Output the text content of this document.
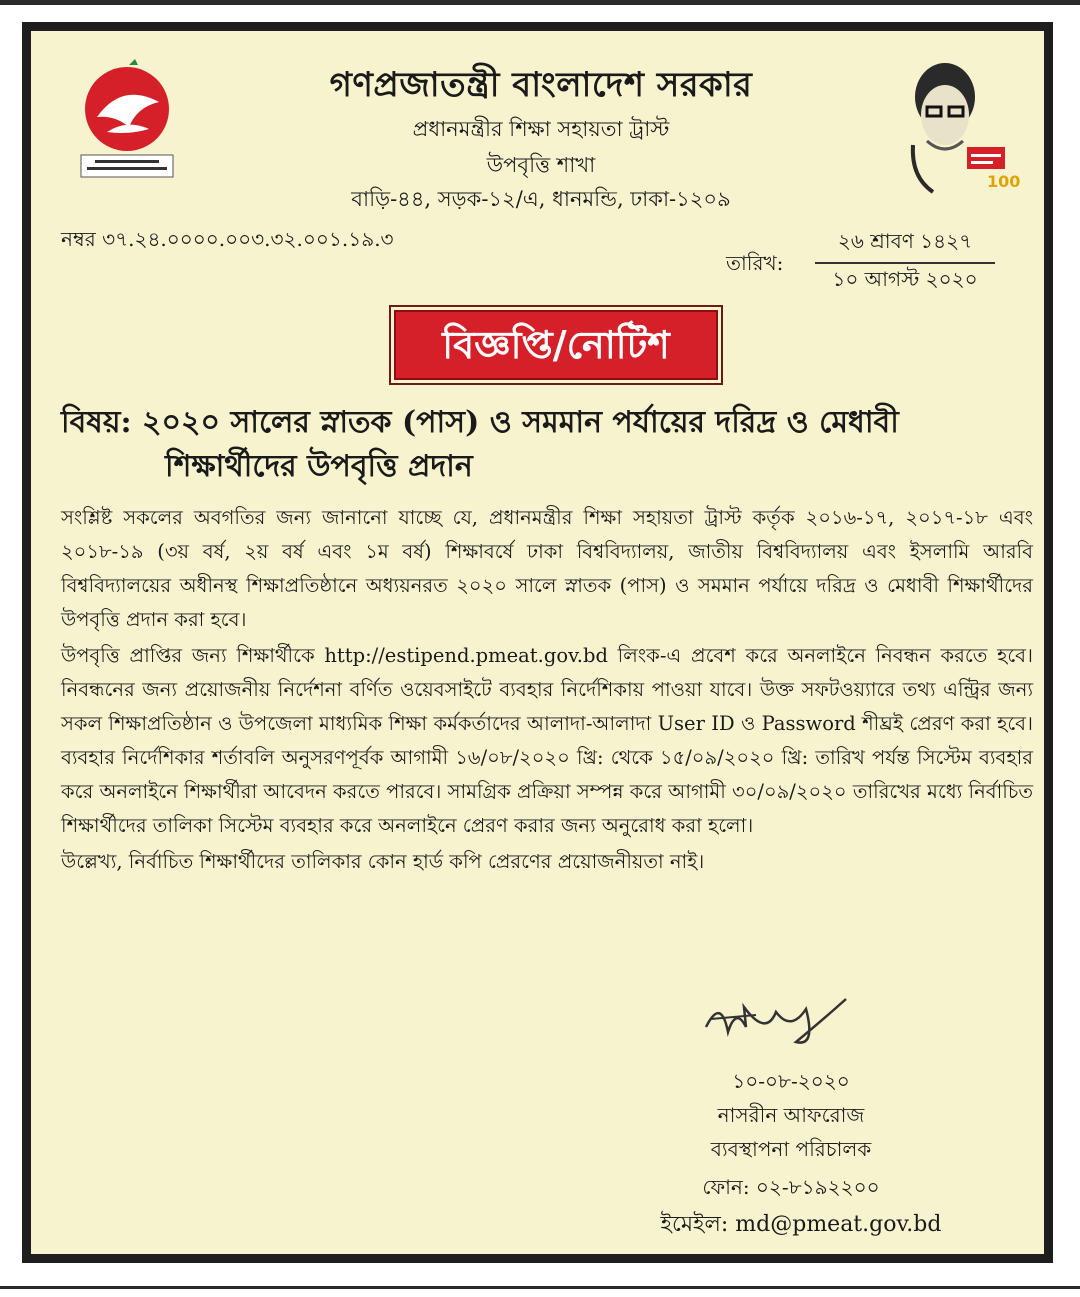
গণপ্রজাতন্ত্রী বাংলাদেশ সরকার
প্রধানমন্ত্রীর শিক্ষা সহায়তা ট্রাস্ট
উপবৃত্তি শাখা
বাড়ি-৪৪, সড়ক-১২/এ, ধানমন্ডি, ঢাকা-১২০৯
100
নম্বর ৩৭.২৪.০০০০.০০৩.৩২.০০১.১৯.৩
তারিখ:
২৬ শ্রাবণ ১৪২৭
১০ আগস্ট ২০২০
বিজ্ঞপ্তি/নোটিশ
বিষয়: ২০২০ সালের স্নাতক (পাস) ও সমমান পর্যায়ের দরিদ্র ও মেধাবী
শিক্ষার্থীদের উপবৃত্তি প্রদান

সংশ্লিষ্ট সকলের অবগতির জন্য জানানো যাচ্ছে যে, প্রধানমন্ত্রীর শিক্ষা সহায়তা ট্রাস্ট কর্তৃক ২০১৬-১৭, ২০১৭-১৮ এবং ২০১৮-১৯ (৩য় বর্ষ, ২য় বর্ষ এবং ১ম বর্ষ) শিক্ষাবর্ষে ঢাকা বিশ্ববিদ্যালয়, জাতীয় বিশ্ববিদ্যালয় এবং ইসলামি আরবি বিশ্ববিদ্যালয়ের অধীনস্থ শিক্ষাপ্রতিষ্ঠানে অধ্যয়নরত ২০২০ সালে স্নাতক (পাস) ও সমমান পর্যায়ে দরিদ্র ও মেধাবী শিক্ষার্থীদের উপবৃত্তি প্রদান করা হবে।

উপবৃত্তি প্রাপ্তির জন্য শিক্ষার্থীকে http://estipend.pmeat.gov.bd লিংক-এ প্রবেশ করে অনলাইনে নিবন্ধন করতে হবে। নিবন্ধনের জন্য প্রয়োজনীয় নির্দেশনা বর্ণিত ওয়েবসাইটে ব্যবহার নির্দেশিকায় পাওয়া যাবে। উক্ত সফটওয়্যারে তথ্য এন্ট্রির জন্য সকল শিক্ষাপ্রতিষ্ঠান ও উপজেলা মাধ্যমিক শিক্ষা কর্মকর্তাদের আলাদা-আলাদা User ID ও Password শীঘ্রই প্রেরণ করা হবে। ব্যবহার নির্দেশিকার শর্তাবলি অনুসরণপূর্বক আগামী ১৬/০৮/২০২০ খ্রি: থেকে ১৫/০৯/২০২০ খ্রি: তারিখ পর্যন্ত সিস্টেম ব্যবহার করে অনলাইনে শিক্ষার্থীরা আবেদন করতে পারবে। সামগ্রিক প্রক্রিয়া সম্পন্ন করে আগামী ৩০/০৯/২০২০ তারিখের মধ্যে নির্বাচিত শিক্ষার্থীদের তালিকা সিস্টেম ব্যবহার করে অনলাইনে প্রেরণ করার জন্য অনুরোধ করা হলো।

উল্লেখ্য, নির্বাচিত শিক্ষার্থীদের তালিকার কোন হার্ড কপি প্রেরণের প্রয়োজনীয়তা নাই।

১০-০৮-২০২০
নাসরীন আফরোজ
ব্যবস্থাপনা পরিচালক
ফোন: ০২-৮১৯২২০০
ইমেইল: md@pmeat.gov.bd
